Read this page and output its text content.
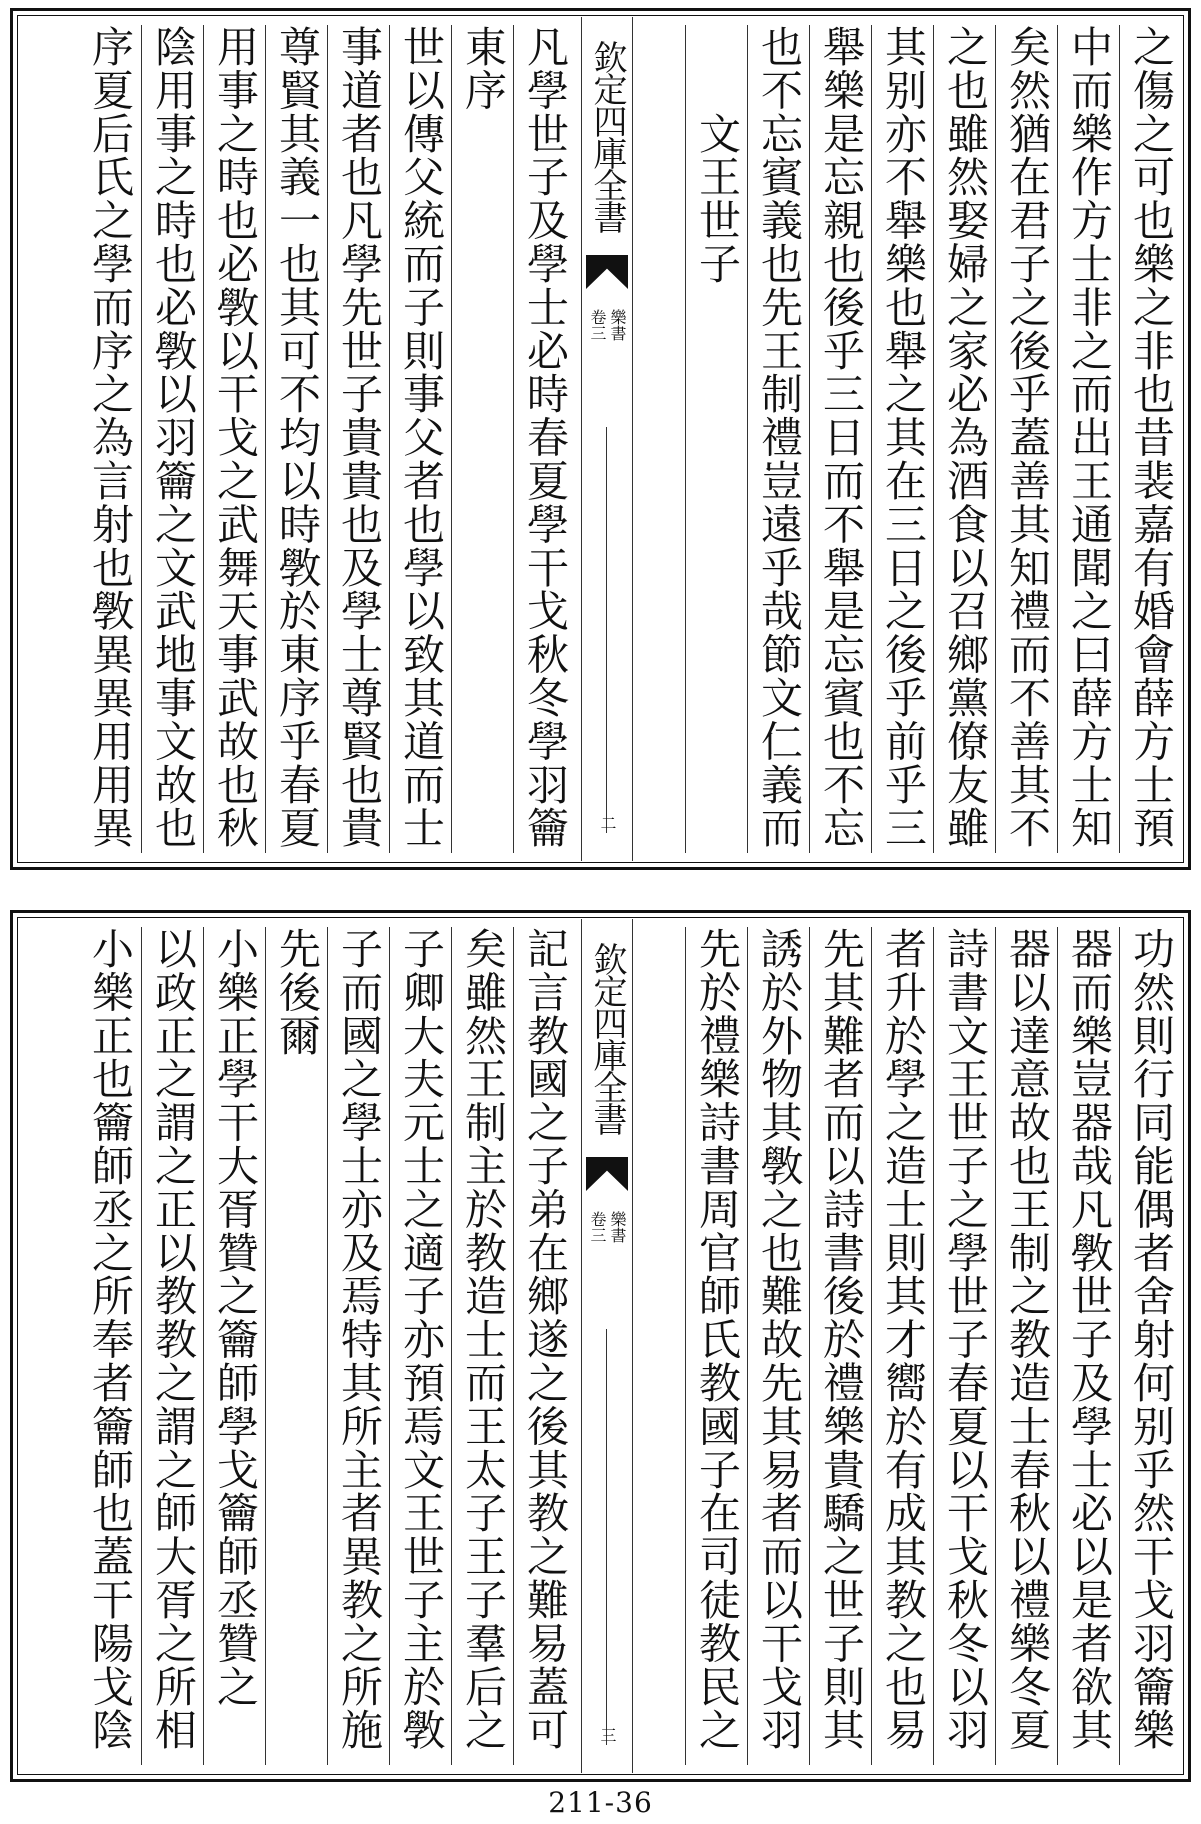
之傷之可也樂之非也昔裴嘉有婚會薛方士預
中而樂作方士非之而出王通聞之曰薛方士知
矣然猶在君子之後乎蓋善其知禮而不善其不
之也雖然娶婦之家必為酒食以召鄉黨僚友雖
其别亦不舉樂也舉之其在三日之後乎前乎三
舉樂是忘親也後乎三日而不舉是忘賓也不忘
也不忘賓義也先王制禮豈遠乎哉節文仁義而
　　文王世子
欽定四庫全書
樂書
卷三
二
凡學世子及學士必時春夏學干戈秋冬學羽籥
東序
世以傳父統而子則事父者也學以致其道而士
事道者也凡學先世子貴貴也及學士尊賢也貴
尊賢其義一也其可不均以時斆於東序乎春夏
用事之時也必斆以干戈之武舞天事武故也秋
陰用事之時也必斆以羽籥之文武地事文故也
序夏后氏之學而序之為言射也斆異異用用異
功然則行同能偶者舍射何别乎然干戈羽籥樂
器而樂豈器哉凡斆世子及學士必以是者欲其
器以達意故也王制之教造士春秋以禮樂冬夏
詩書文王世子之學世子春夏以干戈秋冬以羽
者升於學之造士則其才嚮於有成其教之也易
先其難者而以詩書後於禮樂貴驕之世子則其
誘於外物其斆之也難故先其易者而以干戈羽
先於禮樂詩書周官師氏教國子在司徒教民之
欽定四庫全書
樂書
卷三
三
記言教國之子弟在鄉遂之後其教之難易蓋可
矣雖然王制主於教造士而王太子王子羣后之
子卿大夫元士之適子亦預焉文王世子主於斆
子而國之學士亦及焉特其所主者異教之所施
先後爾
小樂正學干大胥贊之籥師學戈籥師丞贊之
以政正之謂之正以教教之謂之師大胥之所相
小樂正也籥師丞之所奉者籥師也蓋干陽戈陰
211-36
